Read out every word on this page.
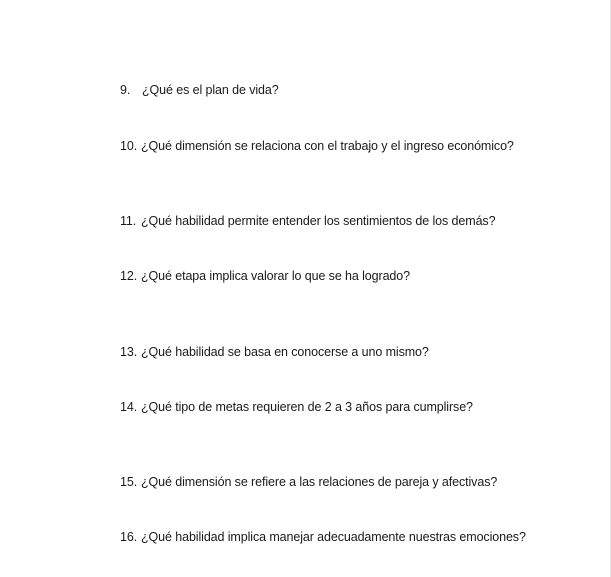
9. ¿Qué es el plan de vida?
10. ¿Qué dimensión se relaciona con el trabajo y el ingreso económico?
11. ¿Qué habilidad permite entender los sentimientos de los demás?
12. ¿Qué etapa implica valorar lo que se ha logrado?
13. ¿Qué habilidad se basa en conocerse a uno mismo?
14. ¿Qué tipo de metas requieren de 2 a 3 años para cumplirse?
15. ¿Qué dimensión se refiere a las relaciones de pareja y afectivas?
16. ¿Qué habilidad implica manejar adecuadamente nuestras emociones?
